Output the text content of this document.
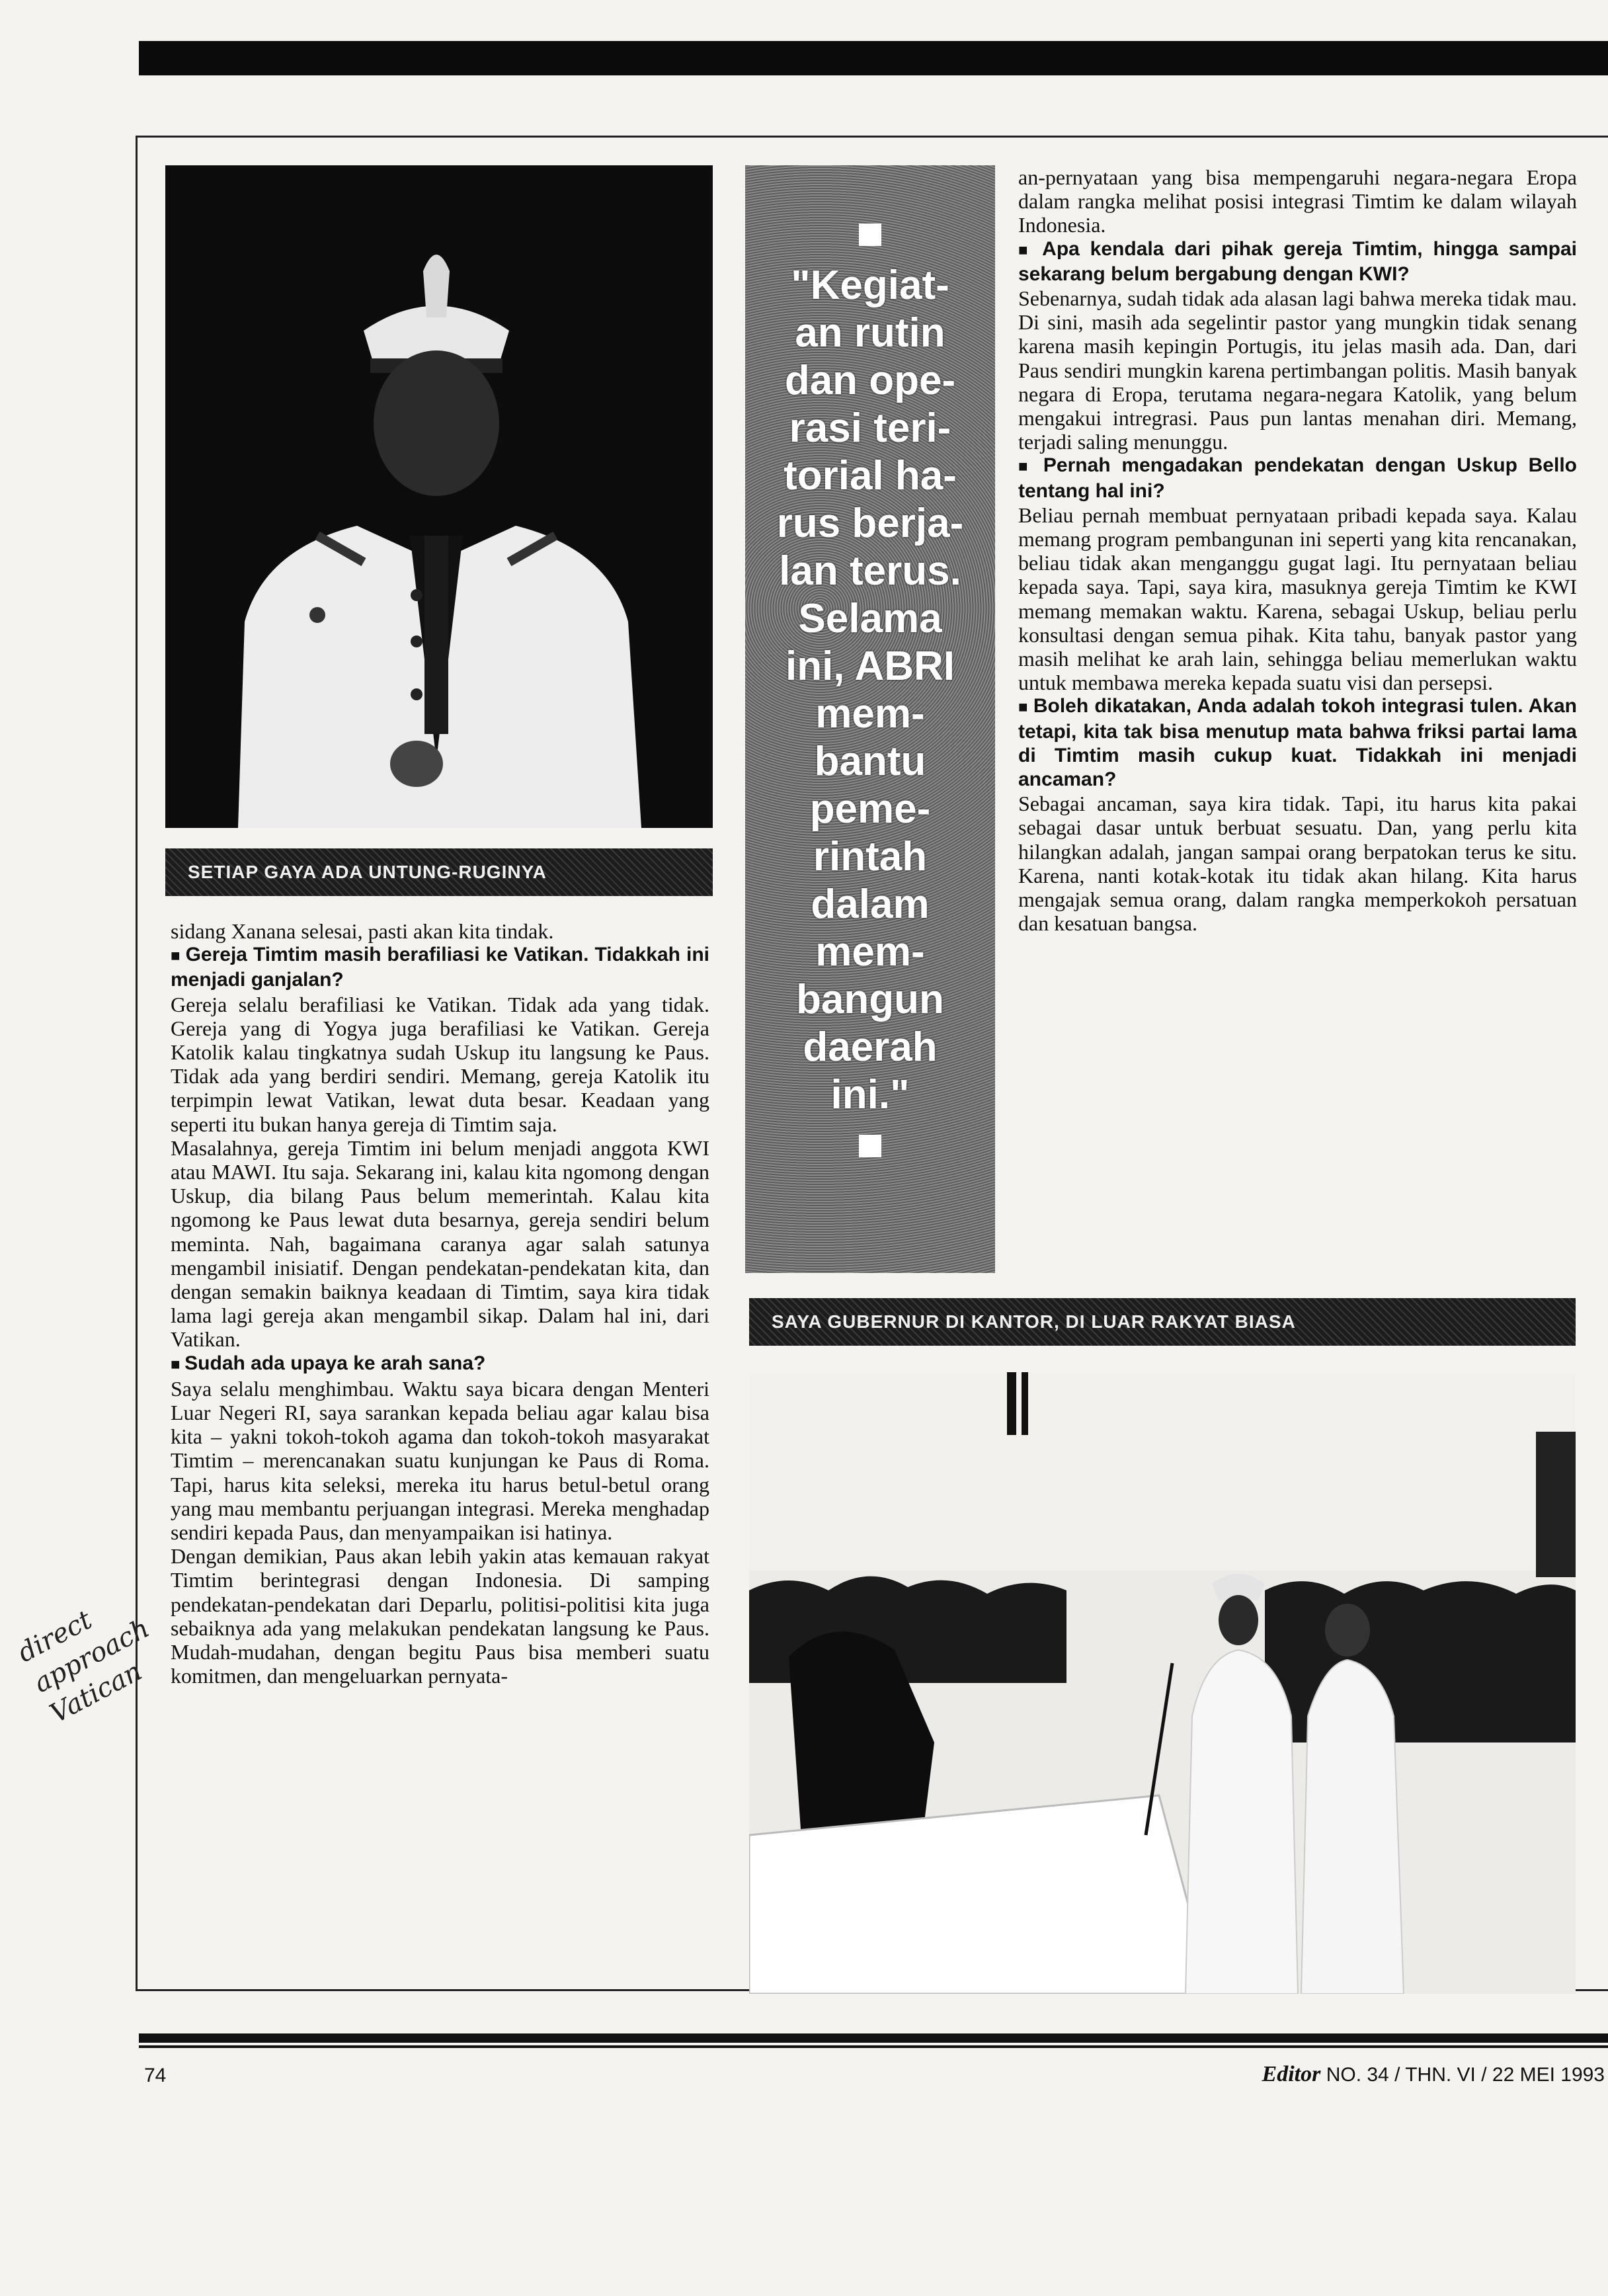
SETIAP GAYA ADA UNTUNG-RUGINYA
"Kegiat-
an rutin
dan ope-
rasi teri-
torial ha-
rus berja-
lan terus.
Selama
ini, ABRI
mem-
bantu
peme-
rintah
dalam
mem-
bangun
daerah
ini."

sidang Xanana selesai, pasti akan kita tindak.

■ Gereja Timtim masih berafiliasi ke Vatikan. Tidakkah ini menjadi ganjalan?

Gereja selalu berafiliasi ke Vatikan. Tidak ada yang tidak. Gereja yang di Yogya juga berafiliasi ke Vatikan. Gereja Katolik kalau tingkatnya sudah Uskup itu langsung ke Paus. Tidak ada yang berdiri sendiri. Memang, gereja Katolik itu terpimpin lewat Vatikan, lewat duta besar. Keadaan yang seperti itu bukan hanya gereja di Timtim saja.

Masalahnya, gereja Timtim ini belum menjadi anggota KWI atau MAWI. Itu saja. Sekarang ini, kalau kita ngomong dengan Uskup, dia bilang Paus belum memerintah. Kalau kita ngomong ke Paus lewat duta besarnya, gereja sendiri belum meminta. Nah, bagaimana caranya agar salah satunya mengambil inisiatif. Dengan pendekatan-pendekatan kita, dan dengan semakin baiknya keadaan di Timtim, saya kira tidak lama lagi gereja akan mengambil sikap. Dalam hal ini, dari Vatikan.

■ Sudah ada upaya ke arah sana?

Saya selalu menghimbau. Waktu saya bicara dengan Menteri Luar Negeri RI, saya sarankan kepada beliau agar kalau bisa kita – yakni tokoh-tokoh agama dan tokoh-tokoh masyarakat Timtim – merencanakan suatu kunjungan ke Paus di Roma. Tapi, harus kita seleksi, mereka itu harus betul-betul orang yang mau membantu perjuangan integrasi. Mereka menghadap sendiri kepada Paus, dan menyampaikan isi hatinya.

Dengan demikian, Paus akan lebih yakin atas kemauan rakyat Timtim berintegrasi dengan Indonesia. Di samping pendekatan-pendekatan dari Deparlu, politisi-politisi kita juga sebaiknya ada yang melakukan pendekatan langsung ke Paus. Mudah-mudahan, dengan begitu Paus bisa memberi suatu komitmen, dan mengeluarkan pernyata-

an-pernyataan yang bisa mempengaruhi negara-negara Eropa dalam rangka melihat posisi integrasi Timtim ke dalam wilayah Indonesia.

■ Apa kendala dari pihak gereja Timtim, hingga sampai sekarang belum bergabung dengan KWI?

Sebenarnya, sudah tidak ada alasan lagi bahwa mereka tidak mau. Di sini, masih ada segelintir pastor yang mungkin tidak senang karena masih kepingin Portugis, itu jelas masih ada. Dan, dari Paus sendiri mungkin karena pertimbangan politis. Masih banyak negara di Eropa, terutama negara-negara Katolik, yang belum mengakui intregrasi. Paus pun lantas menahan diri. Memang, terjadi saling menunggu.

■ Pernah mengadakan pendekatan dengan Uskup Bello tentang hal ini?

Beliau pernah membuat pernyataan pribadi kepada saya. Kalau memang program pembangunan ini seperti yang kita rencanakan, beliau tidak akan menganggu gugat lagi. Itu pernyataan beliau kepada saya. Tapi, saya kira, masuknya gereja Timtim ke KWI memang memakan waktu. Karena, sebagai Uskup, beliau perlu konsultasi dengan semua pihak. Kita tahu, banyak pastor yang masih melihat ke arah lain, sehingga beliau memerlukan waktu untuk membawa mereka kepada suatu visi dan persepsi.

■ Boleh dikatakan, Anda adalah tokoh integrasi tulen. Akan tetapi, kita tak bisa menutup mata bahwa friksi partai lama di Timtim masih cukup kuat. Tidakkah ini menjadi ancaman?

Sebagai ancaman, saya kira tidak. Tapi, itu harus kita pakai sebagai dasar untuk berbuat sesuatu. Dan, yang perlu kita hilangkan adalah, jangan sampai orang berpatokan terus ke situ. Karena, nanti kotak-kotak itu tidak akan hilang. Kita harus mengajak semua orang, dalam rangka memperkokoh persatuan dan kesatuan bangsa.

SAYA GUBERNUR DI KANTOR, DI LUAR RAKYAT BIASA
74	Editor NO. 34 / THN. VI / 22 MEI 1993
direct approach Vatican
